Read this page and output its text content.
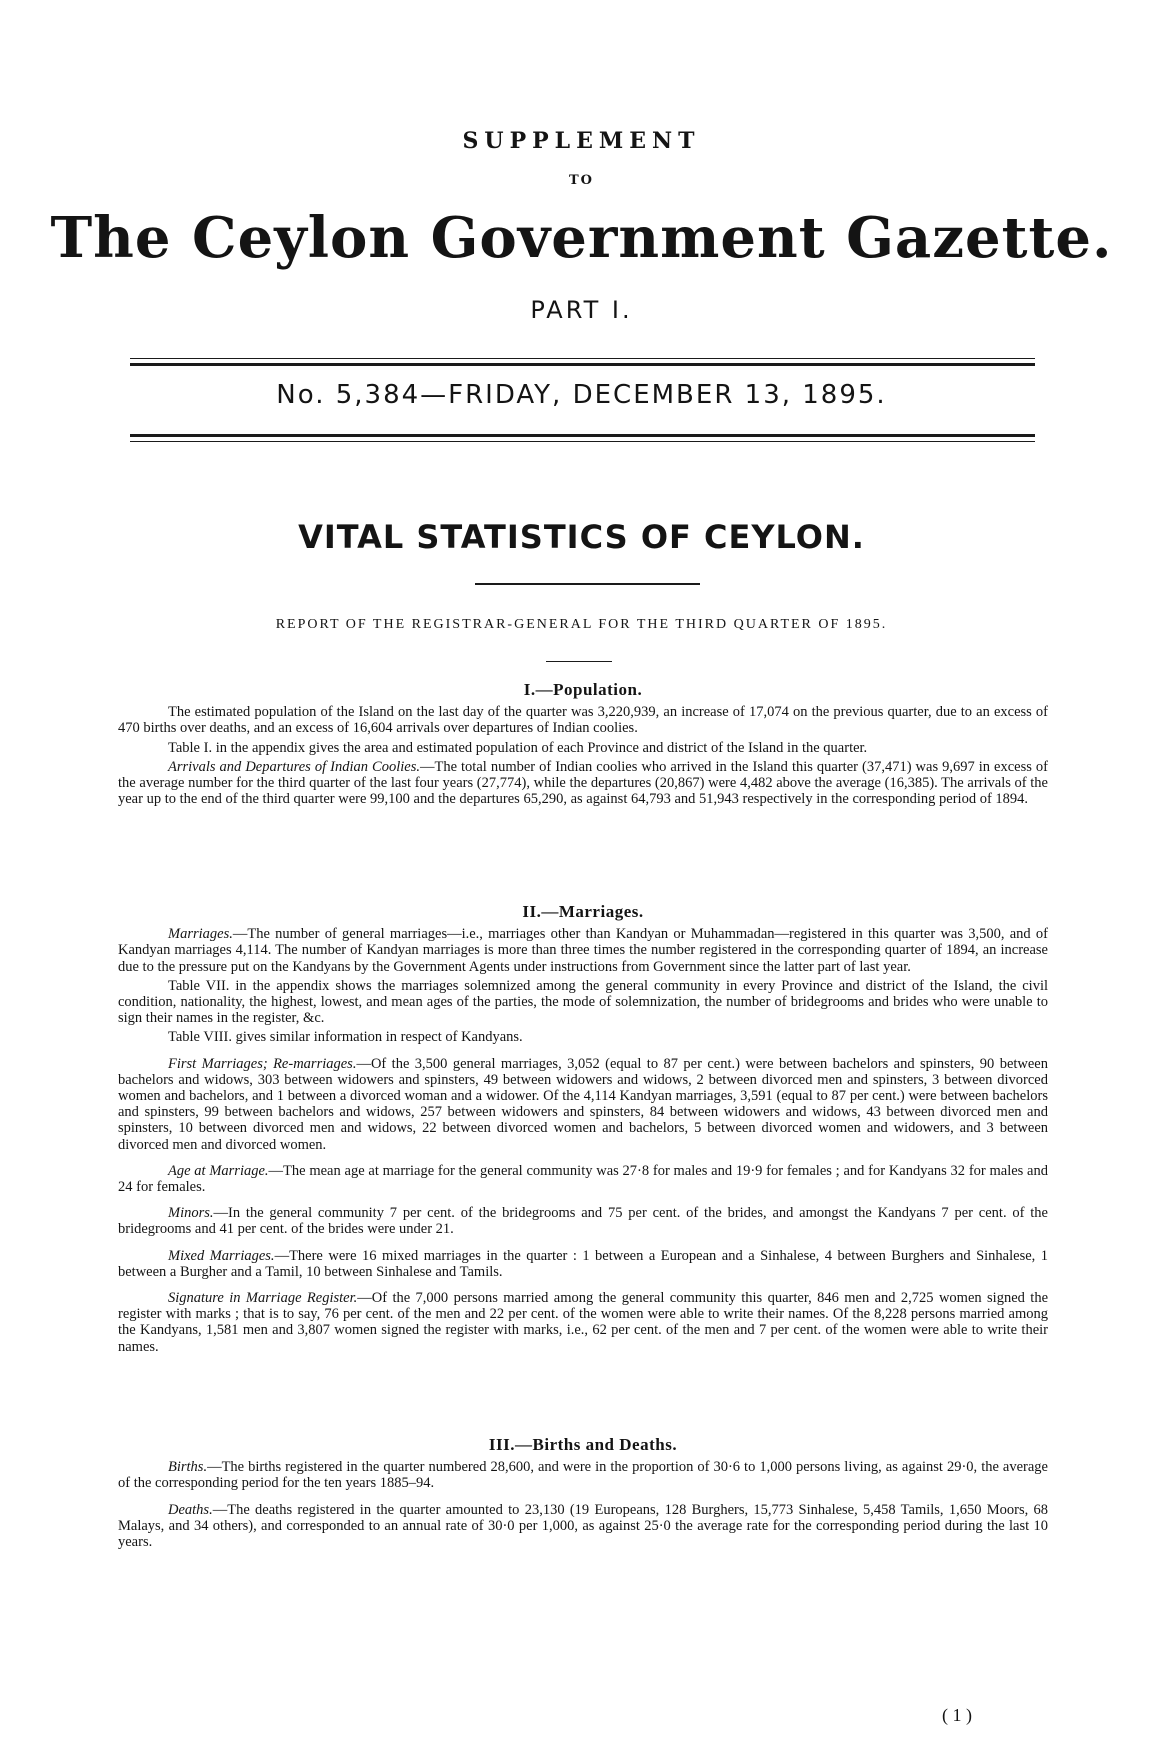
SUPPLEMENT
TO
The Ceylon Government Gazette.
PART I.
No. 5,384—FRIDAY, DECEMBER 13, 1895.
VITAL STATISTICS OF CEYLON.
REPORT OF THE REGISTRAR-GENERAL FOR THE THIRD QUARTER OF 1895.
I.—Population.

The estimated population of the Island on the last day of the quarter was 3,220,939, an increase of 17,074 on the previous quarter, due to an excess of 470 births over deaths, and an excess of 16,604 arrivals over departures of Indian coolies.

Table I. in the appendix gives the area and estimated population of each Province and district of the Island in the quarter.

Arrivals and Departures of Indian Coolies.—The total number of Indian coolies who arrived in the Island this quarter (37,471) was 9,697 in excess of the average number for the third quarter of the last four years (27,774), while the departures (20,867) were 4,482 above the average (16,385). The arrivals of the year up to the end of the third quarter were 99,100 and the departures 65,290, as against 64,793 and 51,943 respectively in the corresponding period of 1894.

II.—Marriages.

Marriages.—The number of general marriages—i.e., marriages other than Kandyan or Muhammadan—registered in this quarter was 3,500, and of Kandyan marriages 4,114. The number of Kandyan marriages is more than three times the number registered in the corresponding quarter of 1894, an increase due to the pressure put on the Kandyans by the Government Agents under instructions from Government since the latter part of last year.

Table VII. in the appendix shows the marriages solemnized among the general community in every Province and district of the Island, the civil condition, nationality, the highest, lowest, and mean ages of the parties, the mode of solemnization, the number of bridegrooms and brides who were unable to sign their names in the register, &c.

Table VIII. gives similar information in respect of Kandyans.

First Marriages; Re-marriages.—Of the 3,500 general marriages, 3,052 (equal to 87 per cent.) were between bachelors and spinsters, 90 between bachelors and widows, 303 between widowers and spinsters, 49 between widowers and widows, 2 between divorced men and spinsters, 3 between divorced women and bachelors, and 1 between a divorced woman and a widower. Of the 4,114 Kandyan marriages, 3,591 (equal to 87 per cent.) were between bachelors and spinsters, 99 between bachelors and widows, 257 between widowers and spinsters, 84 between widowers and widows, 43 between divorced men and spinsters, 10 between divorced men and widows, 22 between divorced women and bachelors, 5 between divorced women and widowers, and 3 between divorced men and divorced women.

Age at Marriage.—The mean age at marriage for the general community was 27·8 for males and 19·9 for females ; and for Kandyans 32 for males and 24 for females.

Minors.—In the general community 7 per cent. of the bridegrooms and 75 per cent. of the brides, and amongst the Kandyans 7 per cent. of the bridegrooms and 41 per cent. of the brides were under 21.

Mixed Marriages.—There were 16 mixed marriages in the quarter : 1 between a European and a Sinhalese, 4 between Burghers and Sinhalese, 1 between a Burgher and a Tamil, 10 between Sinhalese and Tamils.

Signature in Marriage Register.—Of the 7,000 persons married among the general community this quarter, 846 men and 2,725 women signed the register with marks ; that is to say, 76 per cent. of the men and 22 per cent. of the women were able to write their names. Of the 8,228 persons married among the Kandyans, 1,581 men and 3,807 women signed the register with marks, i.e., 62 per cent. of the men and 7 per cent. of the women were able to write their names.

III.—Births and Deaths.

Births.—The births registered in the quarter numbered 28,600, and were in the proportion of 30·6 to 1,000 persons living, as against 29·0, the average of the corresponding period for the ten years 1885–94.

Deaths.—The deaths registered in the quarter amounted to 23,130 (19 Europeans, 128 Burghers, 15,773 Sinhalese, 5,458 Tamils, 1,650 Moors, 68 Malays, and 34 others), and corresponded to an annual rate of 30·0 per 1,000, as against 25·0 the average rate for the corresponding period during the last 10 years.

( 1 )
